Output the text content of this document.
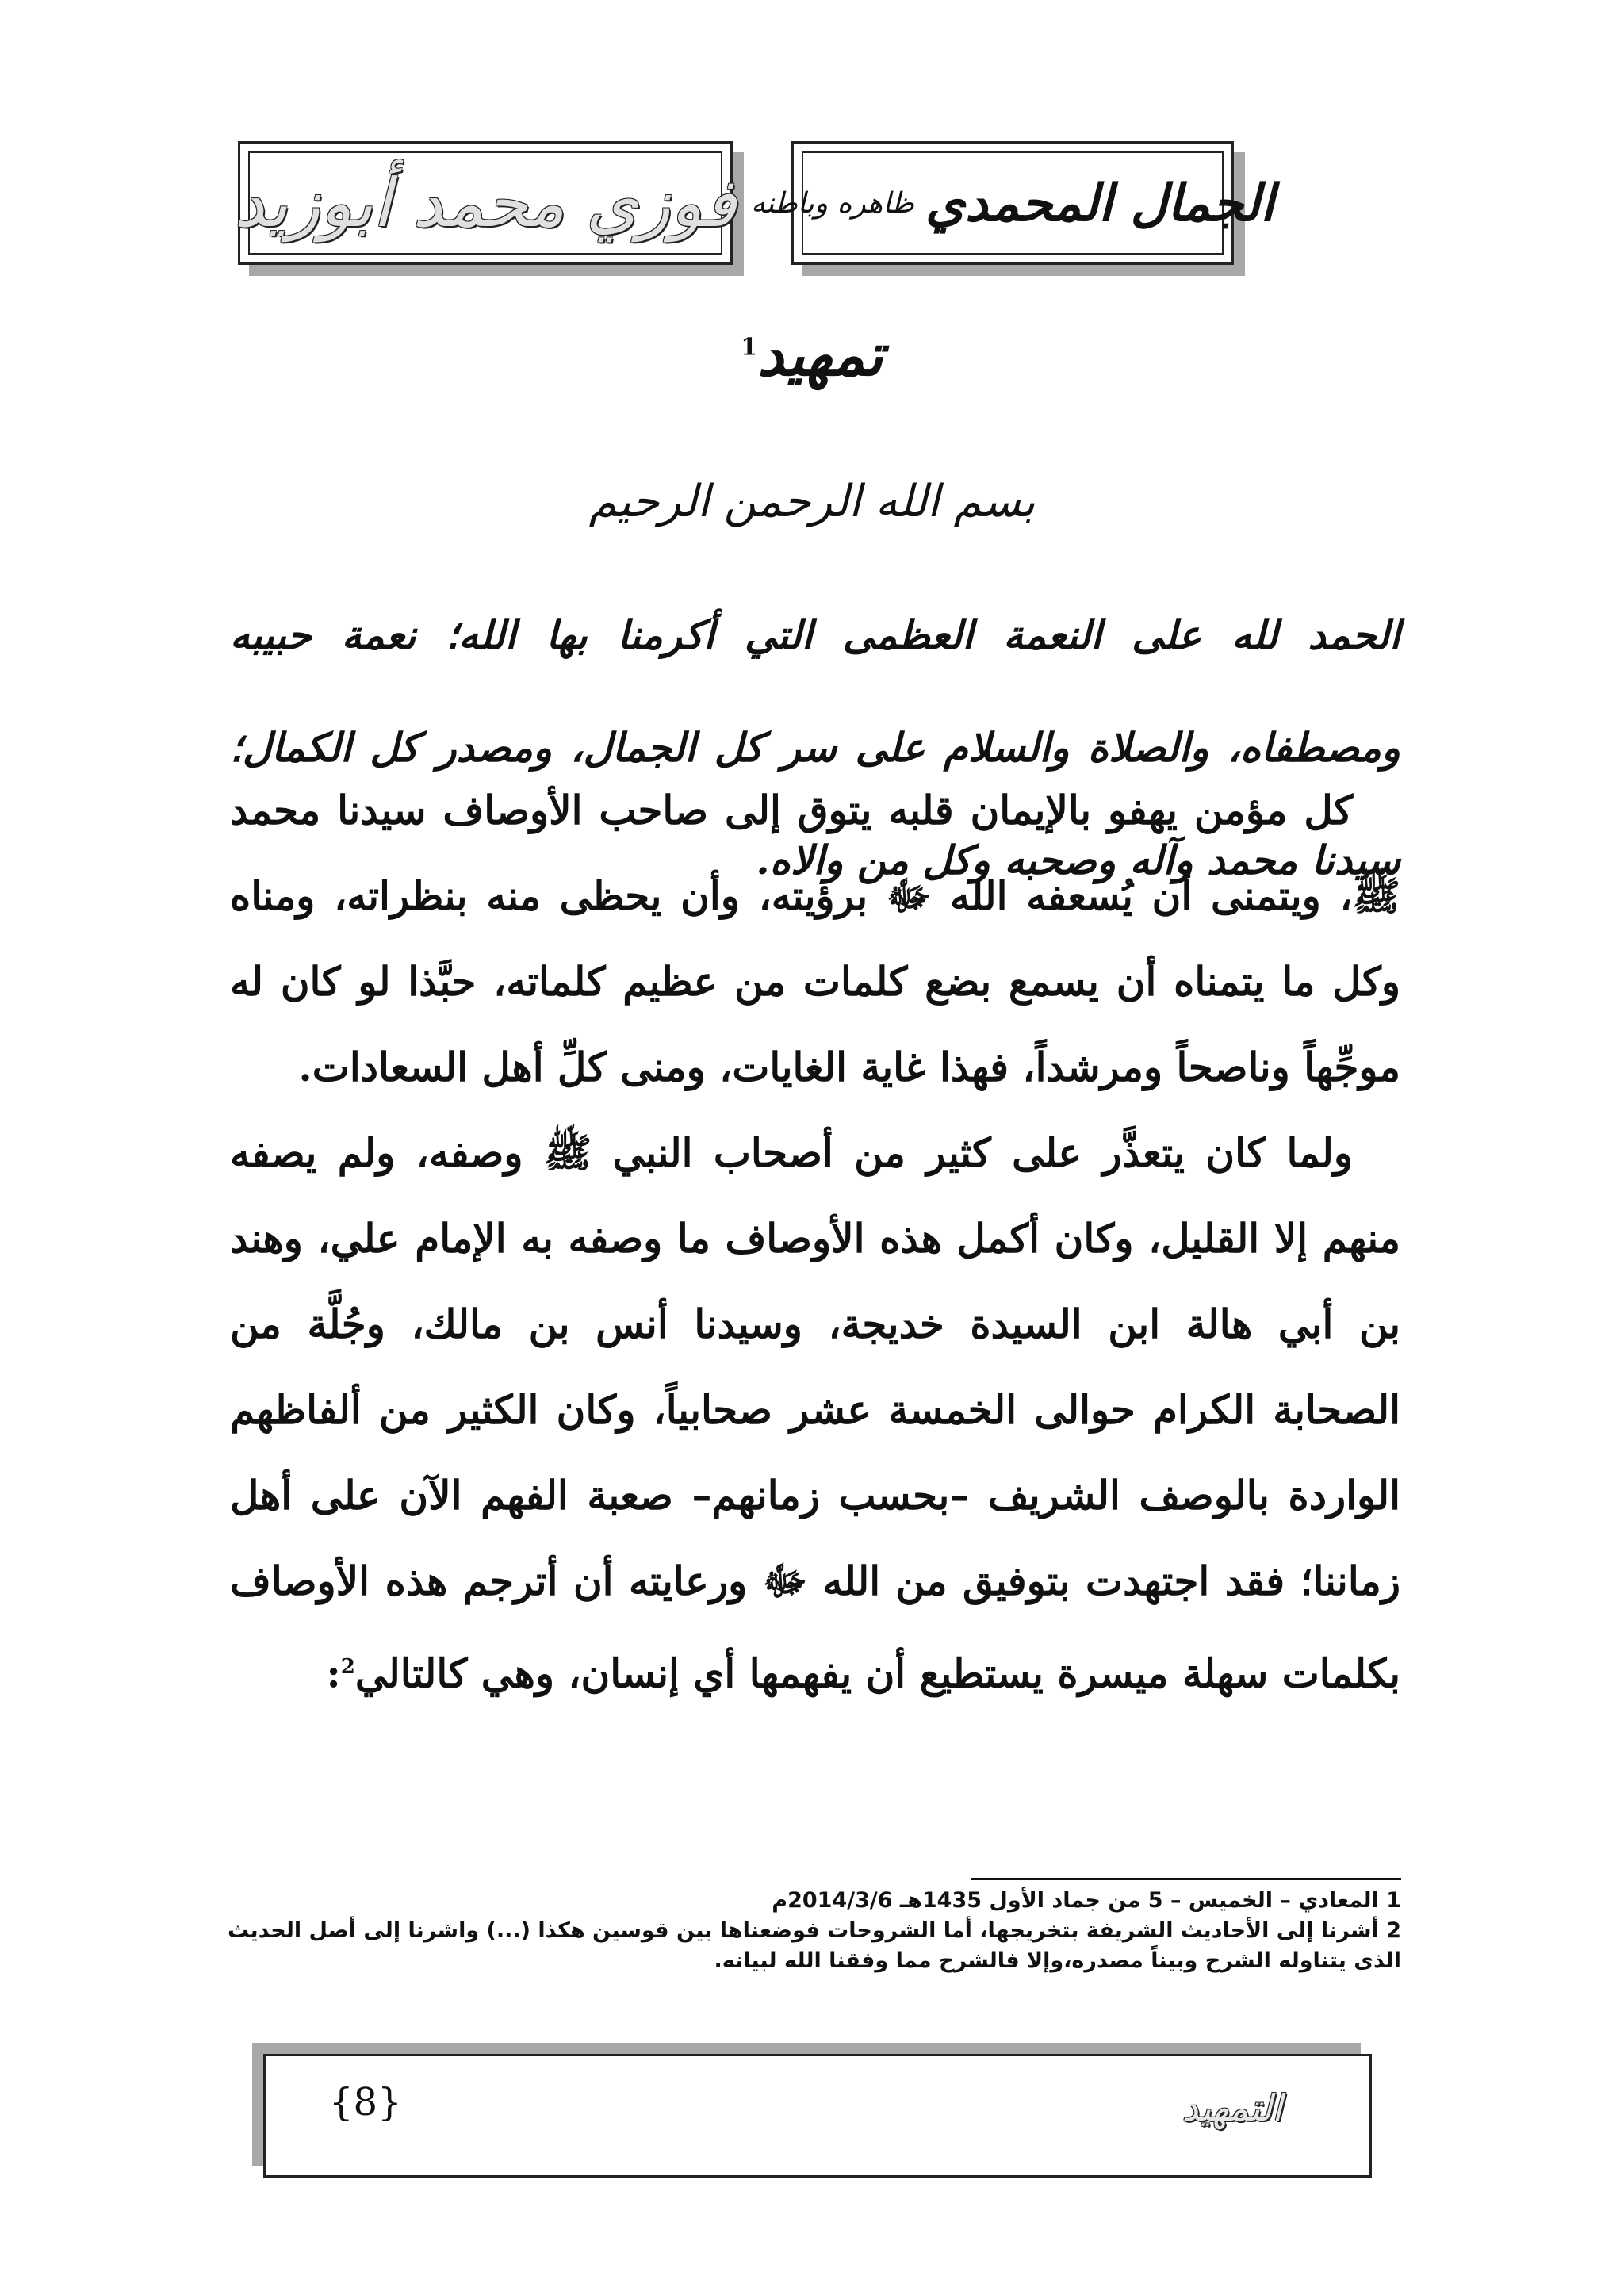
فوزي محمد أبوزيد	الجمال المحمدي
ظاهره وباطنه
تمهيد$^1$
بسم الله الرحمن الرحيم
الحمد لله على النعمة العظمى التي أكرمنا بها الله؛ نعمة حبيبه ومصطفاه، والصلاة والسلام على سر كل الجمال، ومصدر كل الكمال؛ سيدنا محمد وآله وصحبه وكل من والاه.
كل مؤمن يهفو بالإيمان قلبه يتوق إلى صاحب الأوصاف سيدنا محمد ﷺ، ويتمنى أن يُسعفه الله ﷻ برؤيته، وأن يحظى منه بنظراته، ومناه وكل ما يتمناه أن يسمع بضع كلمات من عظيم كلماته، حبَّذا لو كان له موجِّهاً وناصحاً ومرشداً، فهذا غاية الغايات، ومنى كلِّ أهل السعادات.
ولما كان يتعذَّر على كثير من أصحاب النبي ﷺ وصفه، ولم يصفه منهم إلا القليل، وكان أكمل هذه الأوصاف ما وصفه به الإمام علي، وهند بن أبي هالة ابن السيدة خديجة، وسيدنا أنس بن مالك، وجُلَّة من الصحابة الكرام حوالى الخمسة عشر صحابياً، وكان الكثير من ألفاظهم الواردة بالوصف الشريف –بحسب زمانهم– صعبة الفهم الآن على أهل زماننا؛ فقد اجتهدت بتوفيق من الله ﷻ ورعايته أن أترجم هذه الأوصاف بكلمات سهلة ميسرة يستطيع أن يفهمها أي إنسان، وهي كالتالي$^2$:

1 المعادي – الخميس – 5 من جماد الأول 1435هـ 2014/3/6م

2 أشرنا إلى الأحاديث الشريفة بتخريجها، أما الشروحات فوضعناها بين قوسين هكذا (...) واشرنا إلى أصل الحديث الذى يتناوله الشرح وبيناً مصدره،وإلا فالشرح مما وفقنا الله لبيانه.

{8}	التمهيد
